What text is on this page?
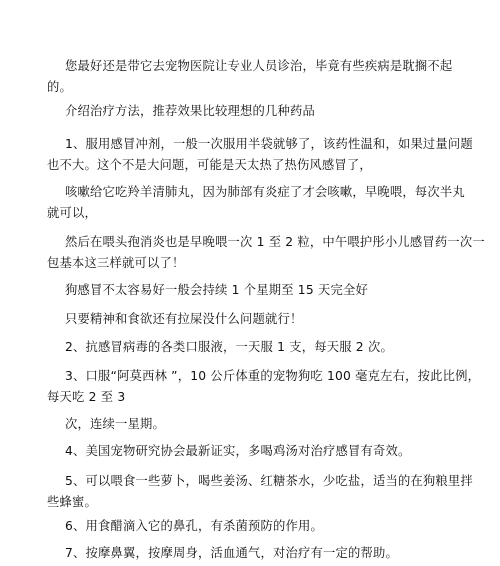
您最好还是带它去宠物医院让专业人员诊治，毕竟有些疾病是耽搁不起
的。
介绍治疗方法，推荐效果比较理想的几种药品
1、服用感冒冲剂，一般一次服用半袋就够了，该药性温和，如果过量问题
也不大。这个不是大问题，可能是天太热了热伤风感冒了，
咳嗽给它吃羚羊清肺丸，因为肺部有炎症了才会咳嗽，早晚喂，每次半丸
就可以，
然后在喂头孢消炎也是早晚喂一次 1 至 2 粒，中午喂护彤小儿感冒药一次一
包基本这三样就可以了！
狗感冒不太容易好一般会持续 1 个星期至 15 天完全好
只要精神和食欲还有拉屎没什么问题就行！
2、抗感冒病毒的各类口服液，一天服 1 支，每天服 2 次。
3、口服“阿莫西林 ”，10 公斤体重的宠物狗吃 100 毫克左右，按此比例，
每天吃 2 至 3
次，连续一星期。
4、美国宠物研究协会最新证实，多喝鸡汤对治疗感冒有奇效。
5、可以喂食一些萝卜，喝些姜汤、红糖茶水，少吃盐，适当的在狗粮里拌
些蜂蜜。
6、用食醋滴入它的鼻孔，有杀菌预防的作用。
7、按摩鼻翼，按摩周身，活血通气，对治疗有一定的帮助。
